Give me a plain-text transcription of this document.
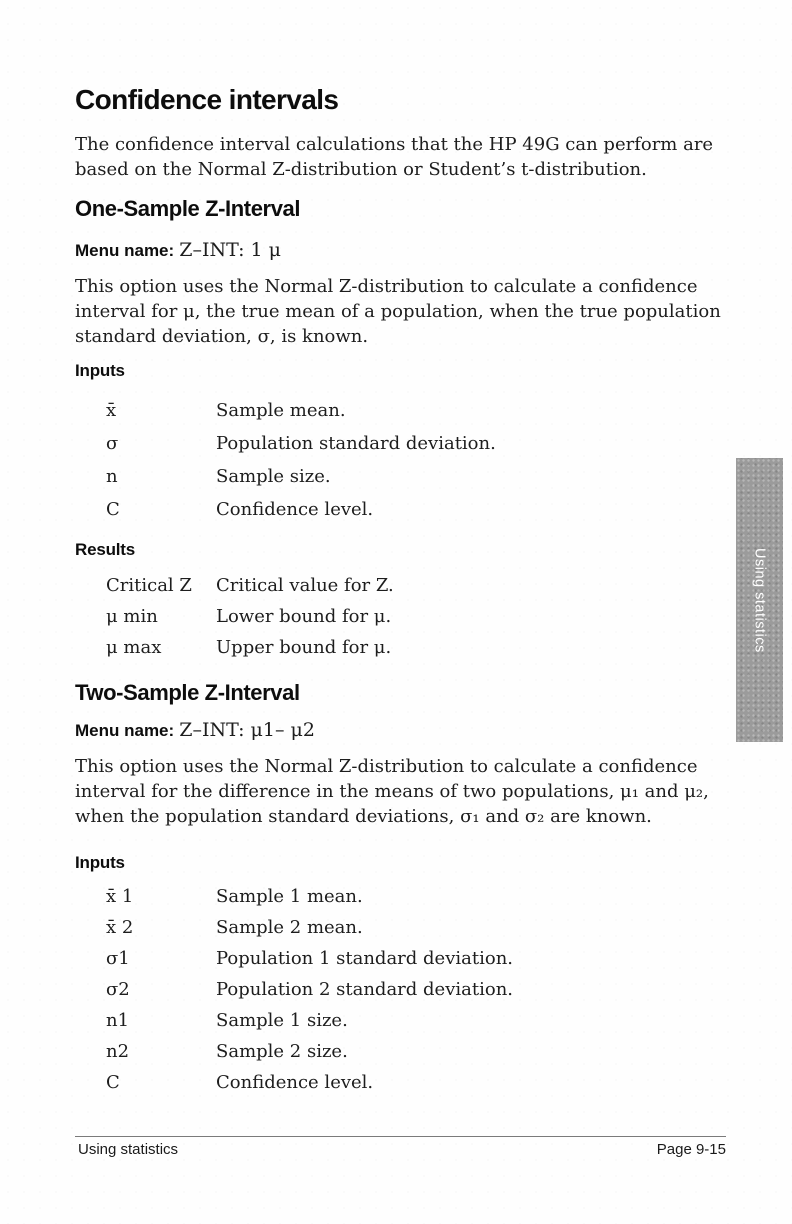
Confidence intervals
The confidence interval calculations that the HP 49G can perform are
based on the Normal Z-distribution or Student’s t-distribution.
One-Sample Z-Interval
Menu name: Z–INT: 1 μ
This option uses the Normal Z-distribution to calculate a confidence
interval for μ, the true mean of a population, when the true population
standard deviation, σ, is known.
Inputs
x̄	Sample mean.
σ	Population standard deviation.
n	Sample size.
C	Confidence level.
Results
Critical Z	Critical value for Z.
μ min	Lower bound for μ.
μ max	Upper bound for μ.
Two-Sample Z-Interval
Menu name: Z–INT: μ1– μ2
This option uses the Normal Z-distribution to calculate a confidence
interval for the difference in the means of two populations, μ₁ and μ₂,
when the population standard deviations, σ₁ and σ₂ are known.
Inputs
x̄ 1	Sample 1 mean.
x̄ 2	Sample 2 mean.
σ1	Population 1 standard deviation.
σ2	Population 2 standard deviation.
n1	Sample 1 size.
n2	Sample 2 size.
C	Confidence level.
Using statistics
Using statistics	Page 9-15
